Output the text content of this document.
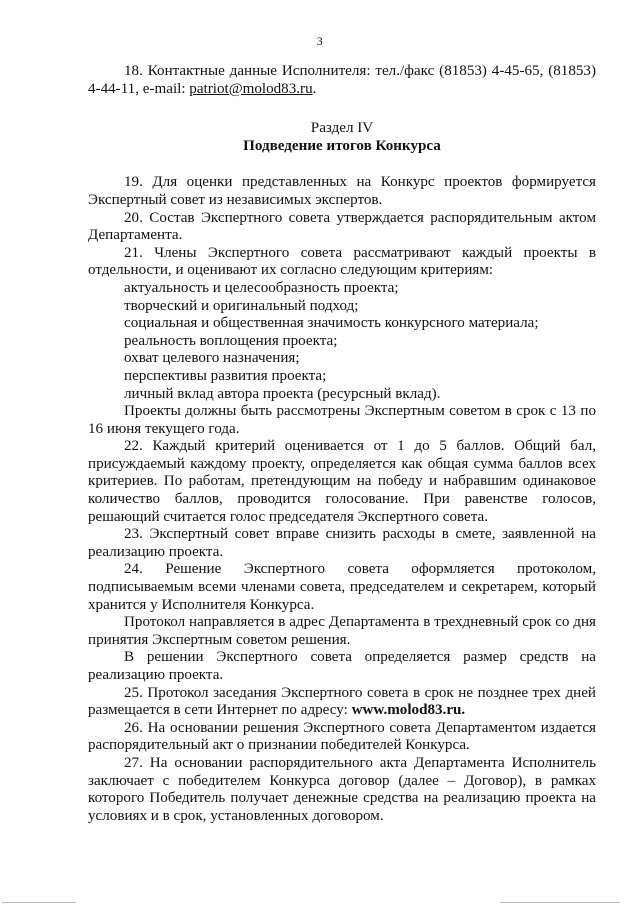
3

18. Контактные данные Исполнителя: тел./факс (81853) 4-45-65, (81853) 4-44-11, e-mail: patriot@molod83.ru.

Раздел IV
Подведение итогов Конкурса

19. Для оценки представленных на Конкурс проектов формируется Экспертный совет из независимых экспертов.

20. Состав Экспертного совета утверждается распорядительным актом Департамента.

21. Члены Экспертного совета рассматривают каждый проекты в отдельности, и оценивают их согласно следующим критериям:

актуальность и целесообразность проекта;
творческий и оригинальный подход;
социальная и общественная значимость конкурсного материала;
реальность воплощения проекта;
охват целевого назначения;
перспективы развития проекта;
личный вклад автора проекта (ресурсный вклад).

Проекты должны быть рассмотрены Экспертным советом в срок с 13 по 16 июня текущего года.

22. Каждый критерий оценивается от 1 до 5 баллов. Общий бал, присуждаемый каждому проекту, определяется как общая сумма баллов всех критериев. По работам, претендующим на победу и набравшим одинаковое количество баллов, проводится голосование. При равенстве голосов, решающий считается голос председателя Экспертного совета.

23. Экспертный совет вправе снизить расходы в смете, заявленной на реализацию проекта.

24. Решение Экспертного совета оформляется протоколом, подписываемым всеми членами совета, председателем и секретарем, который хранится у Исполнителя Конкурса.

Протокол направляется в адрес Департамента в трехдневный срок со дня принятия Экспертным советом решения.

В решении Экспертного совета определяется размер средств на реализацию проекта.

25. Протокол заседания Экспертного совета в срок не позднее трех дней размещается в сети Интернет по адресу: www.molod83.ru.

26. На основании решения Экспертного совета Департаментом издается распорядительный акт о признании победителей Конкурса.

27. На основании распорядительного акта Департамента Исполнитель заключает с победителем Конкурса договор (далее – Договор), в рамках которого Победитель получает денежные средства на реализацию проекта на условиях и в срок, установленных договором.
